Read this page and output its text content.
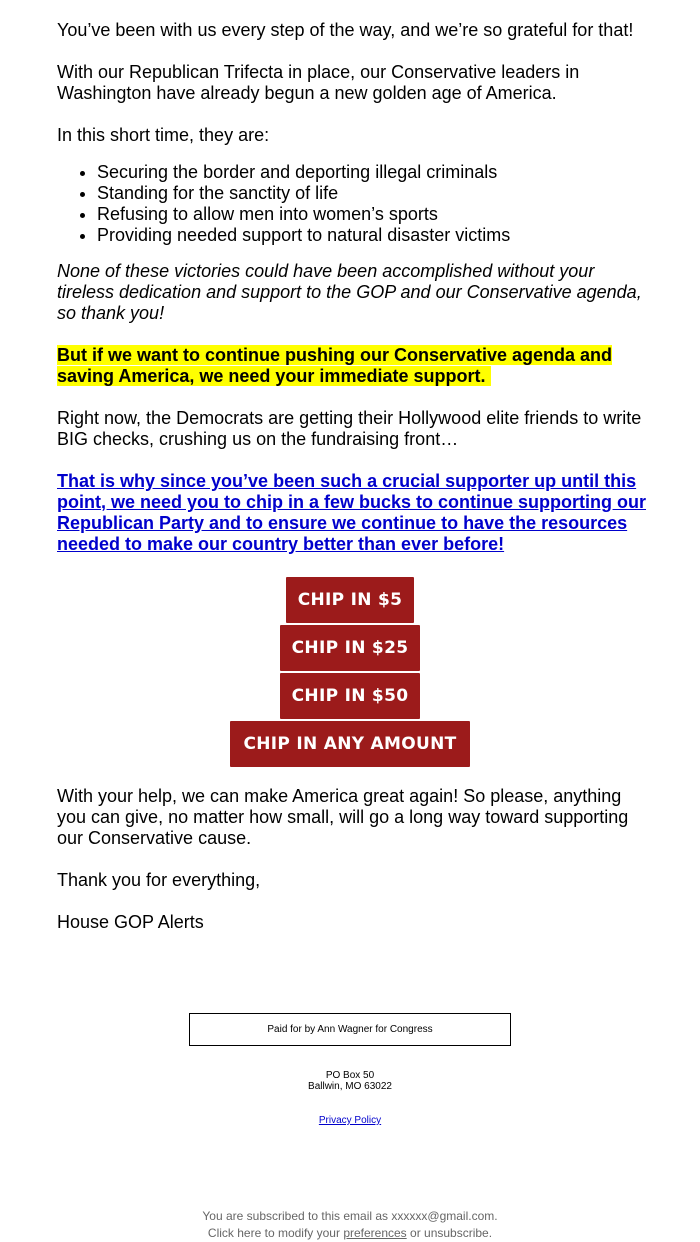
You’ve been with us every step of the way, and we’re so grateful for that!

With our Republican Trifecta in place, our Conservative leaders in Washington have already begun a new golden age of America.

In this short time, they are:

• Securing the border and deporting illegal criminals
• Standing for the sanctity of life
• Refusing to allow men into women’s sports
• Providing needed support to natural disaster victims

None of these victories could have been accomplished without your tireless dedication and support to the GOP and our Conservative agenda, so thank you!

But if we want to continue pushing our Conservative agenda and saving America, we need your immediate support.

Right now, the Democrats are getting their Hollywood elite friends to write BIG checks, crushing us on the fundraising front…

That is why since you’ve been such a crucial supporter up until this point, we need you to chip in a few bucks to continue supporting our Republican Party and to ensure we continue to have the resources needed to make our country better than ever before!

CHIP IN $5
CHIP IN $25
CHIP IN $50
CHIP IN ANY AMOUNT

With your help, we can make America great again! So please, anything you can give, no matter how small, will go a long way toward supporting our Conservative cause.

Thank you for everything,

House GOP Alerts

Paid for by Ann Wagner for Congress
PO Box 50
Ballwin, MO 63022
Privacy Policy
You are subscribed to this email as xxxxxx@gmail.com.
Click here to modify your preferences or unsubscribe.
